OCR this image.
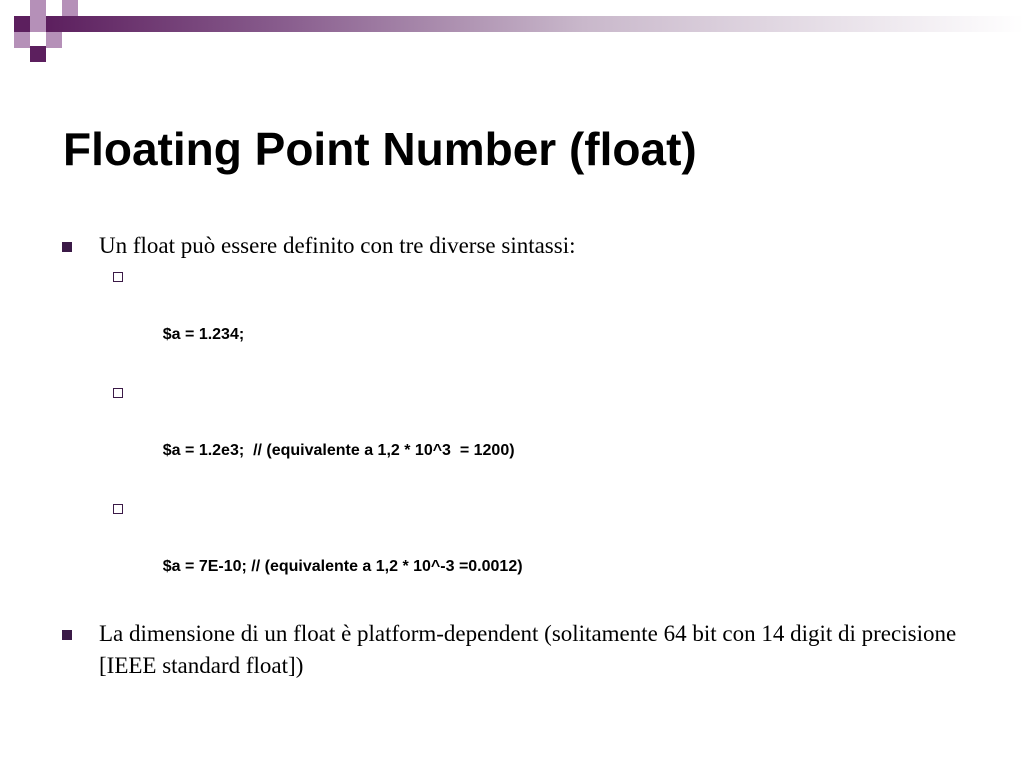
Floating Point Number (float)
Un float può essere definito con tre diverse sintassi:

$a = 1.234;

$a = 1.2e3;  // (equivalente a 1,2 * 10^3  = 1200)

$a = 7E-10; // (equivalente a 1,2 * 10^-3 =0.0012)

La dimensione di un float è platform-dependent (solitamente 64 bit con 14 digit di precisione [IEEE standard float])
